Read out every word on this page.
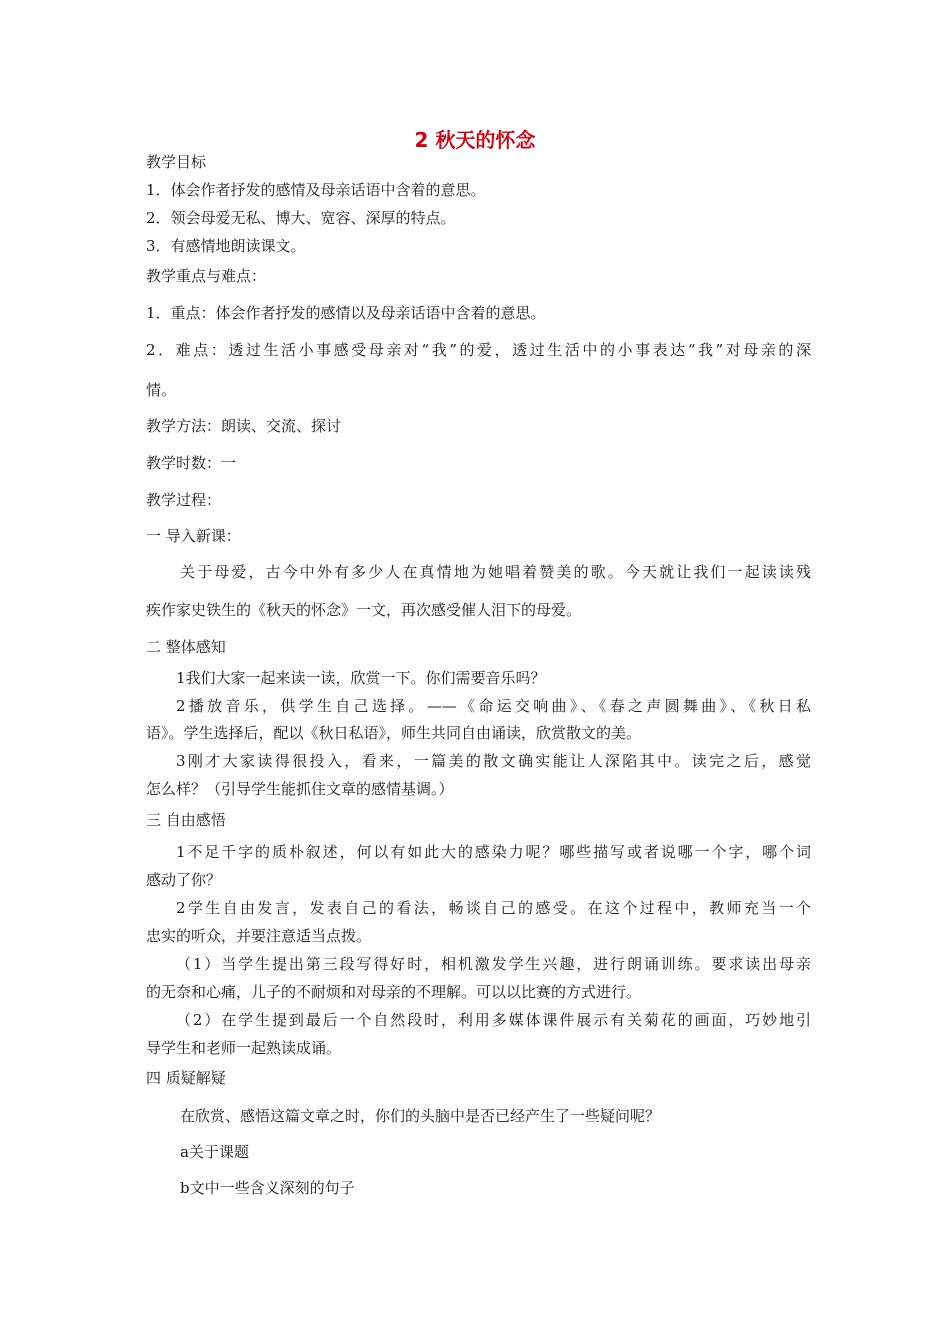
2 秋天的怀念
教学目标
1．体会作者抒发的感情及母亲话语中含着的意思。
2．领会母爱无私、博大、宽容、深厚的特点。
3．有感情地朗读课文。
教学重点与难点：
1．重点：体会作者抒发的感情以及母亲话语中含着的意思。
2．难点：透过生活小事感受母亲对“我”的爱，透过生活中的小事表达“我”对母亲的深
情。
教学方法：朗读、交流、探讨
教学时数：一
教学过程：
一 导入新课：
关于母爱，古今中外有多少人在真情地为她唱着赞美的歌。今天就让我们一起读读残
疾作家史铁生的《秋天的怀念》一文，再次感受催人泪下的母爱。
二 整体感知
1我们大家一起来读一读，欣赏一下。你们需要音乐吗？
2播放音乐，供学生自己选择。——《命运交响曲》、《春之声圆舞曲》、《秋日私
语》。学生选择后，配以《秋日私语》，师生共同自由诵读，欣赏散文的美。
3刚才大家读得很投入，看来，一篇美的散文确实能让人深陷其中。读完之后，感觉
怎么样？（引导学生能抓住文章的感情基调。）
三 自由感悟
1不足千字的质朴叙述，何以有如此大的感染力呢？哪些描写或者说哪一个字，哪个词
感动了你？
2学生自由发言，发表自己的看法，畅谈自己的感受。在这个过程中，教师充当一个
忠实的听众，并要注意适当点拨。
（1）当学生提出第三段写得好时，相机激发学生兴趣，进行朗诵训练。要求读出母亲
的无奈和心痛，儿子的不耐烦和对母亲的不理解。可以以比赛的方式进行。
（2）在学生提到最后一个自然段时，利用多媒体课件展示有关菊花的画面，巧妙地引
导学生和老师一起熟读成诵。
四 质疑解疑
在欣赏、感悟这篇文章之时，你们的头脑中是否已经产生了一些疑问呢？
a关于课题
b文中一些含义深刻的句子
